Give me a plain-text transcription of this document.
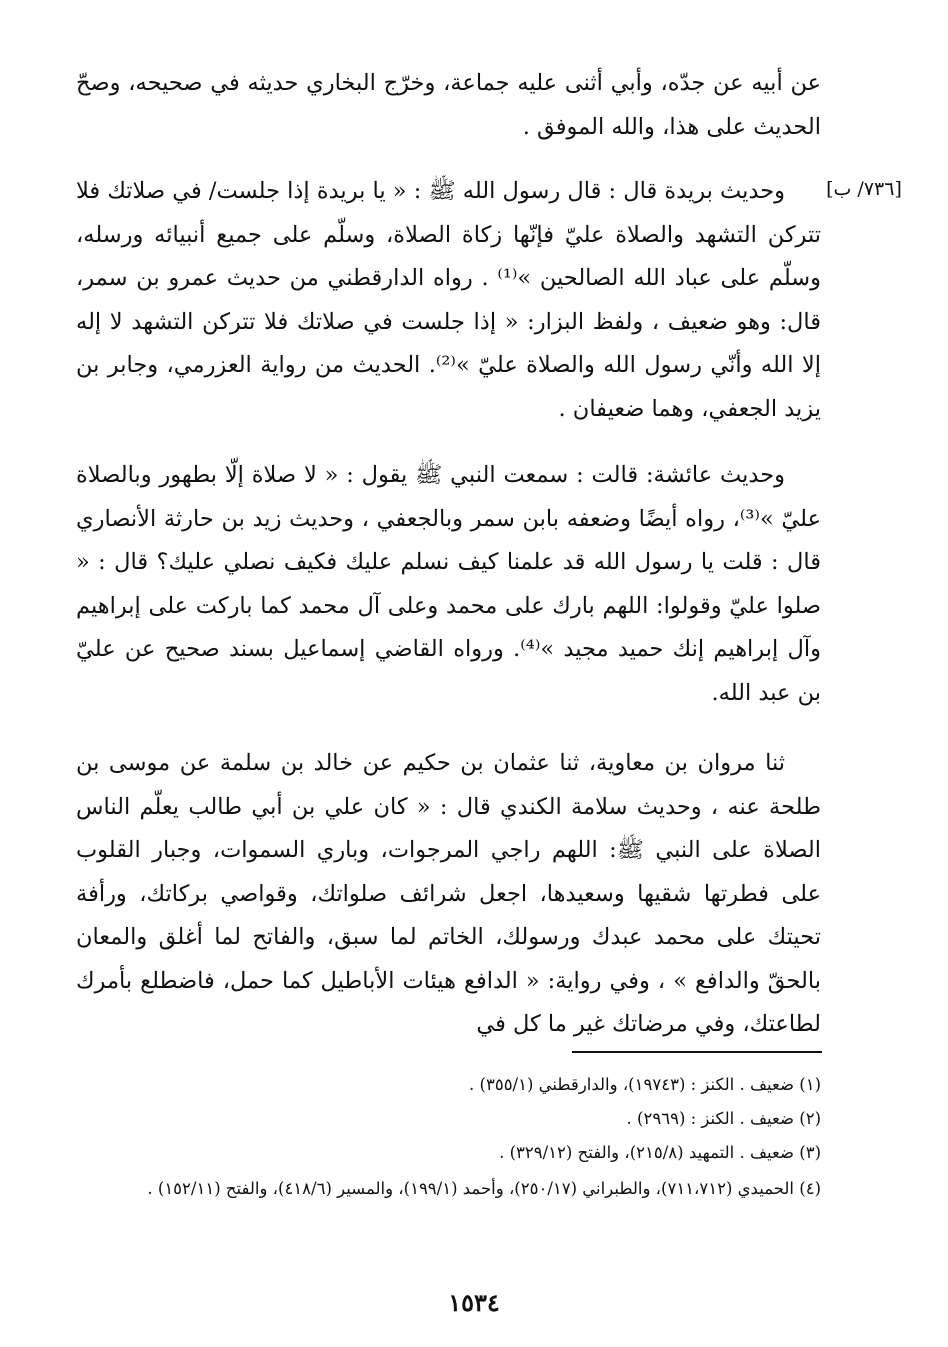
[٧٣٦/ ب]

عن أبيه عن جدّه، وأبي أثنى عليه جماعة، وخرّج البخاري حديثه في صحيحه، وصحّ الحديث على هذا، والله الموفق .

وحديث بريدة قال : قال رسول الله ﷺ : « يا بريدة إذا جلست/ في صلاتك فلا تتركن التشهد والصلاة عليّ فإنّها زكاة الصلاة، وسلّم على جميع أنبيائه ورسله، وسلّم على عباد الله الصالحين »⁽¹⁾ . رواه الدارقطني من حديث عمرو بن سمر، قال: وهو ضعيف ، ولفظ البزار: « إذا جلست في صلاتك فلا تتركن التشهد لا إله إلا الله وأنّي رسول الله والصلاة عليّ »⁽²⁾. الحديث من رواية العزرمي، وجابر بن يزيد الجعفي، وهما ضعيفان .

وحديث عائشة: قالت : سمعت النبي ﷺ يقول : « لا صلاة إلّا بطهور وبالصلاة عليّ »⁽³⁾، رواه أيضًا وضعفه بابن سمر وبالجعفي ، وحديث زيد بن حارثة الأنصاري قال : قلت يا رسول الله قد علمنا كيف نسلم عليك فكيف نصلي عليك؟ قال : « صلوا عليّ وقولوا: اللهم بارك على محمد وعلى آل محمد كما باركت على إبراهيم وآل إبراهيم إنك حميد مجيد »⁽⁴⁾. ورواه القاضي إسماعيل بسند صحيح عن عليّ بن عبد الله.

ثنا مروان بن معاوية، ثنا عثمان بن حكيم عن خالد بن سلمة عن موسى بن طلحة عنه ، وحديث سلامة الكندي قال : « كان علي بن أبي طالب يعلّم الناس الصلاة على النبي ﷺ: اللهم راجي المرجوات، وباري السموات، وجبار القلوب على فطرتها شقيها وسعيدها، اجعل شرائف صلواتك، وقواصي بركاتك، ورأفة تحيتك على محمد عبدك ورسولك، الخاتم لما سبق، والفاتح لما أغلق والمعان بالحقّ والدافع » ، وفي رواية: « الدافع هيئات الأباطيل كما حمل، فاضطلع بأمرك لطاعتك، وفي مرضاتك غير ما كل في

(١) ضعيف . الكنز : (١٩٧٤٣)، والدارقطني (٣٥٥/١) .

(٢) ضعيف . الكنز : (٢٩٦٩) .

(٣) ضعيف . التمهيد (٢١٥/٨)، والفتح (٣٢٩/١٢) .

(٤) الحميدي (٧١١،٧١٢)، والطبراني (٢٥٠/١٧)، وأحمد (١٩٩/١)، والمسير (٤١٨/٦)، والفتح (١٥٢/١١) .

١٥٣٤
